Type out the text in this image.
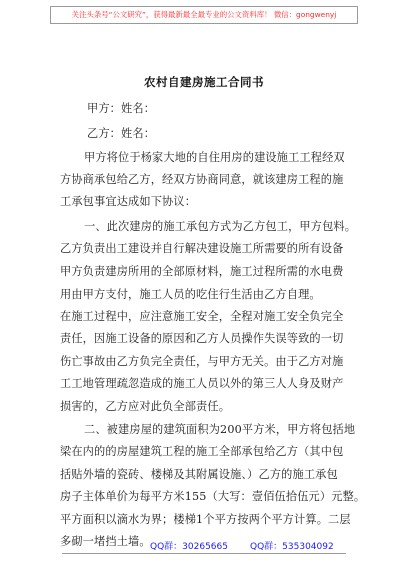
关注头条号“公文研究”，获得最新最全最专业的公文资料库！ 微信：gongwenyj
农村自建房施工合同书
甲方：姓名：
乙方：姓名：
甲方将位于杨家大地的自住用房的建设施工工程经双
方协商承包给乙方，经双方协商同意，就该建房工程的施
工承包事宜达成如下协议：
一、此次建房的施工承包方式为乙方包工，甲方包料。
乙方负责出工建设并自行解决建设施工所需要的所有设备
甲方负责建房所用的全部原材料，施工过程所需的水电费
用由甲方支付，施工人员的吃住行生活由乙方自理。
在施工过程中，应注意施工安全，全程对施工安全负完全
责任，因施工设备的原因和乙方人员操作失误等致的一切
伤亡事故由乙方负完全责任，与甲方无关。由于乙方对施
工工地管理疏忽造成的施工人员以外的第三人人身及财产
损害的，乙方应对此负全部责任。
二、被建房屋的建筑面积为200平方米，甲方将包括地
梁在内的的房屋建筑工程的施工全部承包给乙方（其中包
括贴外墙的瓷砖、楼梯及其附属设施、）乙方的施工承包
房子主体单价为每平方米155（大写：壹佰伍拾伍元）元整。
平方面积以滴水为界；楼梯1个平方按两个平方计算。二层
QQ群：30265665 QQ群：535304092
多砌一堵挡土墙。
